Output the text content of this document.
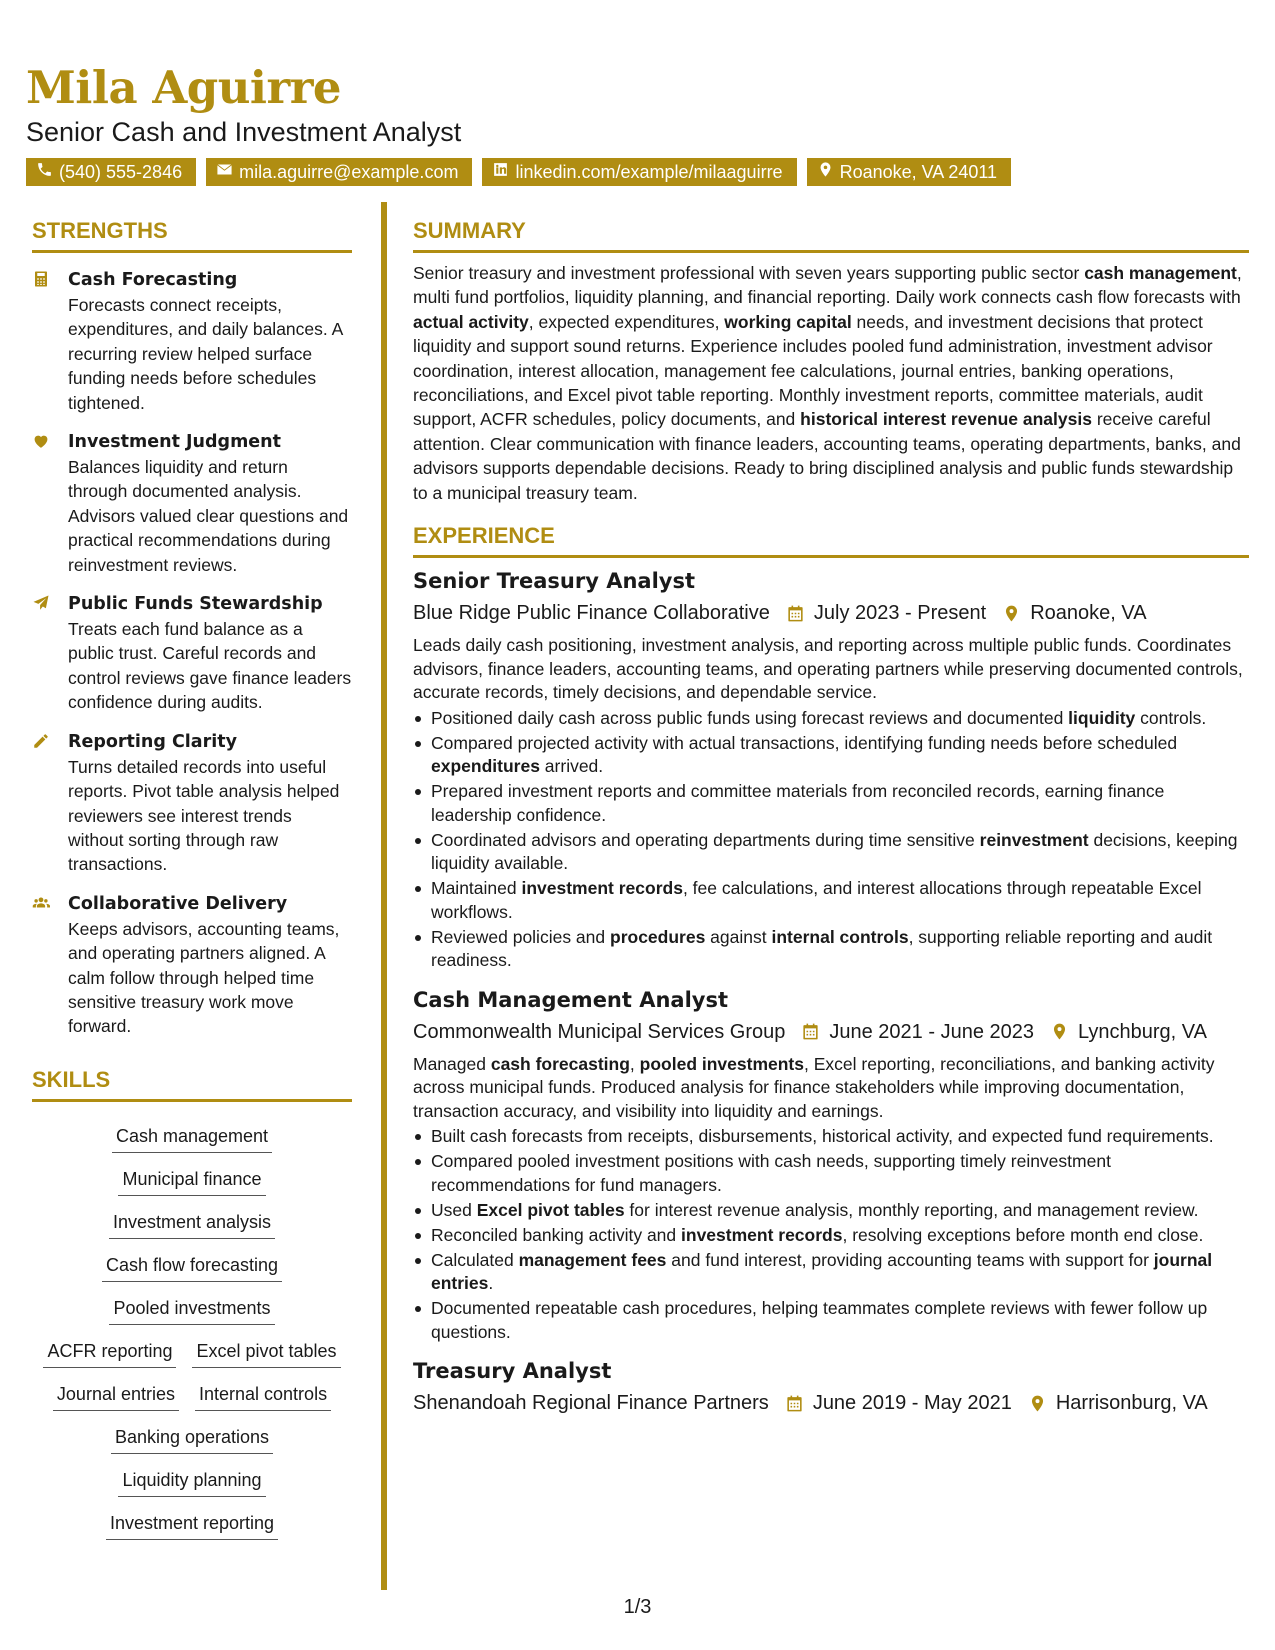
Mila Aguirre
Senior Cash and Investment Analyst
(540) 555-2846	mila.aguirre@example.com	linkedin.com/example/milaaguirre	Roanoke, VA 24011
STRENGTHS
Cash Forecasting
Forecasts connect receipts, expenditures, and daily balances. A recurring review helped surface funding needs before schedules tightened.
Investment Judgment
Balances liquidity and return through documented analysis. Advisors valued clear questions and practical recommendations during reinvestment reviews.
Public Funds Stewardship
Treats each fund balance as a public trust. Careful records and control reviews gave finance leaders confidence during audits.
Reporting Clarity
Turns detailed records into useful reports. Pivot table analysis helped reviewers see interest trends without sorting through raw transactions.
Collaborative Delivery
Keeps advisors, accounting teams, and operating partners aligned. A calm follow through helped time sensitive treasury work move forward.
SKILLS
Cash management
Municipal finance
Investment analysis
Cash flow forecasting
Pooled investments
ACFR reporting Excel pivot tables
Journal entries Internal controls
Banking operations
Liquidity planning
Investment reporting
SUMMARY
Senior treasury and investment professional with seven years supporting public sector cash management, multi fund portfolios, liquidity planning, and financial reporting. Daily work connects cash flow forecasts with actual activity, expected expenditures, working capital needs, and investment decisions that protect liquidity and support sound returns. Experience includes pooled fund administration, investment advisor coordination, interest allocation, management fee calculations, journal entries, banking operations, reconciliations, and Excel pivot table reporting. Monthly investment reports, committee materials, audit support, ACFR schedules, policy documents, and historical interest revenue analysis receive careful attention. Clear communication with finance leaders, accounting teams, operating departments, banks, and advisors supports dependable decisions. Ready to bring disciplined analysis and public funds stewardship to a municipal treasury team.
EXPERIENCE
Senior Treasury Analyst
Blue Ridge Public Finance Collaborative July 2023 - Present Roanoke, VA
Leads daily cash positioning, investment analysis, and reporting across multiple public funds. Coordinates advisors, finance leaders, accounting teams, and operating partners while preserving documented controls, accurate records, timely decisions, and dependable service.
Positioned daily cash across public funds using forecast reviews and documented liquidity controls.
Compared projected activity with actual transactions, identifying funding needs before scheduled expenditures arrived.
Prepared investment reports and committee materials from reconciled records, earning finance leadership confidence.
Coordinated advisors and operating departments during time sensitive reinvestment decisions, keeping liquidity available.
Maintained investment records, fee calculations, and interest allocations through repeatable Excel workflows.
Reviewed policies and procedures against internal controls, supporting reliable reporting and audit readiness.
Cash Management Analyst
Commonwealth Municipal Services Group June 2021 - June 2023 Lynchburg, VA
Managed cash forecasting, pooled investments, Excel reporting, reconciliations, and banking activity across municipal funds. Produced analysis for finance stakeholders while improving documentation, transaction accuracy, and visibility into liquidity and earnings.
Built cash forecasts from receipts, disbursements, historical activity, and expected fund requirements.
Compared pooled investment positions with cash needs, supporting timely reinvestment recommendations for fund managers.
Used Excel pivot tables for interest revenue analysis, monthly reporting, and management review.
Reconciled banking activity and investment records, resolving exceptions before month end close.
Calculated management fees and fund interest, providing accounting teams with support for journal entries.
Documented repeatable cash procedures, helping teammates complete reviews with fewer follow up questions.
Treasury Analyst
Shenandoah Regional Finance Partners June 2019 - May 2021 Harrisonburg, VA
1/3
